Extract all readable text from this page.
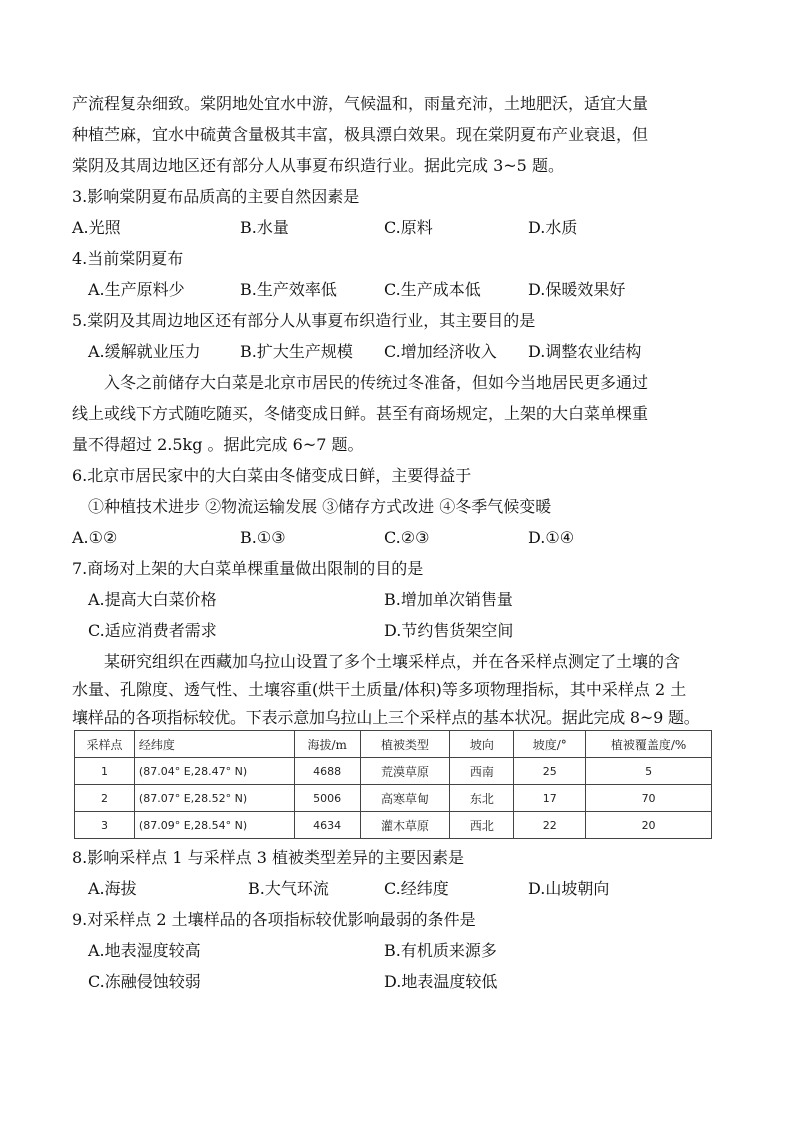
产流程复杂细致。棠阴地处宜水中游，气候温和，雨量充沛，土地肥沃，适宜大量
种植苎麻，宜水中硫黄含量极其丰富，极具漂白效果。现在棠阴夏布产业衰退，但
棠阴及其周边地区还有部分人从事夏布织造行业。据此完成 3~5 题。
3.影响棠阴夏布品质高的主要自然因素是
A.光照	B.水量	C.原料	D.水质
4.当前棠阴夏布
A.生产原料少	B.生产效率低	C.生产成本低	D.保暖效果好
5.棠阴及其周边地区还有部分人从事夏布织造行业，其主要目的是
A.缓解就业压力 B.扩大生产规模 C.增加经济收入 D.调整农业结构
入冬之前储存大白菜是北京市居民的传统过冬准备，但如今当地居民更多通过
线上或线下方式随吃随买，冬储变成日鲜。甚至有商场规定，上架的大白菜单棵重
量不得超过 2.5kg 。据此完成 6~7 题。
6.北京市居民家中的大白菜由冬储变成日鲜，主要得益于
①种植技术进步 ②物流运输发展 ③储存方式改进 ④冬季气候变暖
A.①②	B.①③	C.②③	D.①④
7.商场对上架的大白菜单棵重量做出限制的目的是
A.提高大白菜价格	B.增加单次销售量
C.适应消费者需求	D.节约售货架空间
某研究组织在西藏加乌拉山设置了多个土壤采样点，并在各采样点测定了土壤的含
水量、孔隙度、透气性、土壤容重(烘干土质量/体积)等多项物理指标，其中采样点 2 土
壤样品的各项指标较优。下表示意加乌拉山上三个采样点的基本状况。据此完成 8~9 题。
采样点	经纬度	海拔/m	植被类型	坡向	坡度/°	植被覆盖度/%
1	(87.04° E,28.47° N)	4688	荒漠草原	西南	25	5
2	(87.07° E,28.52° N)	5006	高寒草甸	东北	17	70
3	(87.09° E,28.54° N)	4634	灌木草原	西北	22	20
8.影响采样点 1 与采样点 3 植被类型差异的主要因素是
A.海拔	B.大气环流	C.经纬度	D.山坡朝向
9.对采样点 2 土壤样品的各项指标较优影响最弱的条件是
A.地表湿度较高	B.有机质来源多
C.冻融侵蚀较弱	D.地表温度较低
